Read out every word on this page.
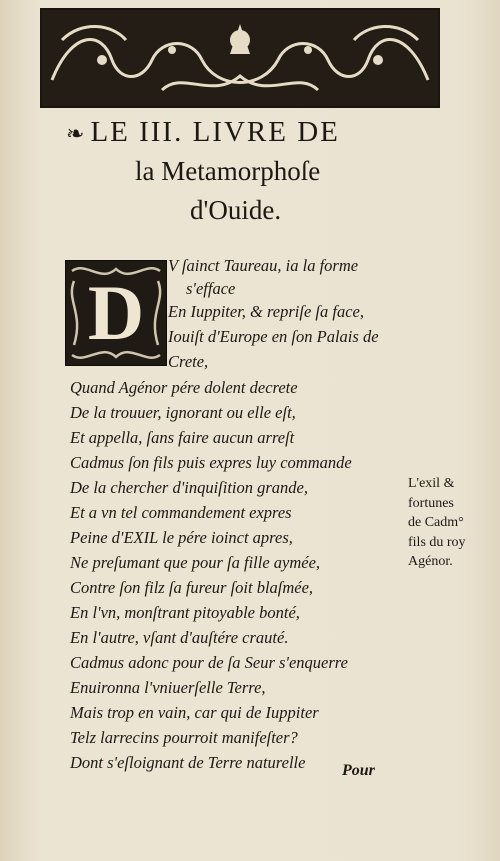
❧ LE III. LIVRE DE
la Metamorphoſe
d'Ouide.
D
V ſainct Taureau, ia la forme
s'efface
En Iuppiter, & repriſe ſa face,
Iouiſt d'Europe en ſon Palais de
Crete,
Quand Agénor pére dolent decrete
De la trouuer, ignorant ou elle eſt,
Et appella, ſans faire aucun arreſt
Cadmus ſon fils puis expres luy commande
De la chercher d'inquiſition grande,
Et a vn tel commandement expres
Peine d'EXIL le pére ioinct apres,
Ne preſumant que pour ſa fille aymée,
Contre ſon filz ſa fureur ſoit blaſmée,
En l'vn, monſtrant pitoyable bonté,
En l'autre, vſant d'auſtére crauté.
Cadmus adonc pour de ſa Seur s'enquerre
Enuironna l'vniuerſelle Terre,
Mais trop en vain, car qui de Iuppiter
Telz larrecins pourroit manifeſter?
Dont s'eſloignant de Terre naturelle
L'exil &
fortunes
de Cadm°
fils du roy
Agénor.
Pour
